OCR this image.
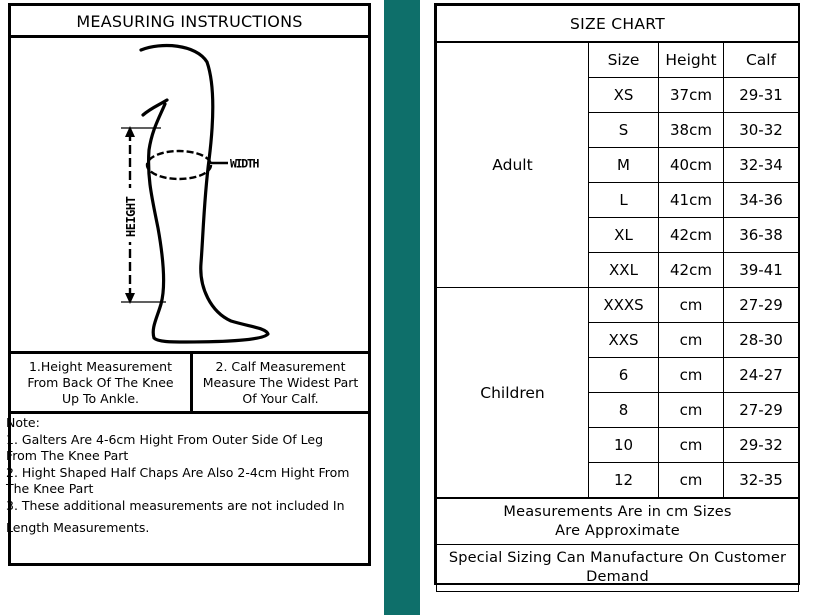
MEASURING INSTRUCTIONS
WIDTH
HEIGHT
1.Height Measurement
From Back Of The Knee
Up To Ankle.
2. Calf Measurement
Measure The Widest Part
Of Your Calf.
Note:
1. Galters Are 4-6cm Hight From Outer Side Of Leg
From The Knee Part
2. Hight Shaped Half Chaps Are Also 2-4cm Hight From
The Knee Part
3. These additional measurements are not included In
Length Measurements.
SIZE CHART			
Adult	Size	Height	Calf
	XS	37cm	29-31
	S	38cm	30-32
	M	40cm	32-34
	L	41cm	34-36
	XL	42cm	36-38
	XXL	42cm	39-41
Children	XXXS	cm	27-29
	XXS	cm	28-30
	6	cm	24-27
	8	cm	27-29
	10	cm	29-32
	12	cm	32-35

Measurements Are in cm Sizes
Are Approximate			

Special Sizing Can Manufacture On Customer
Demand			
